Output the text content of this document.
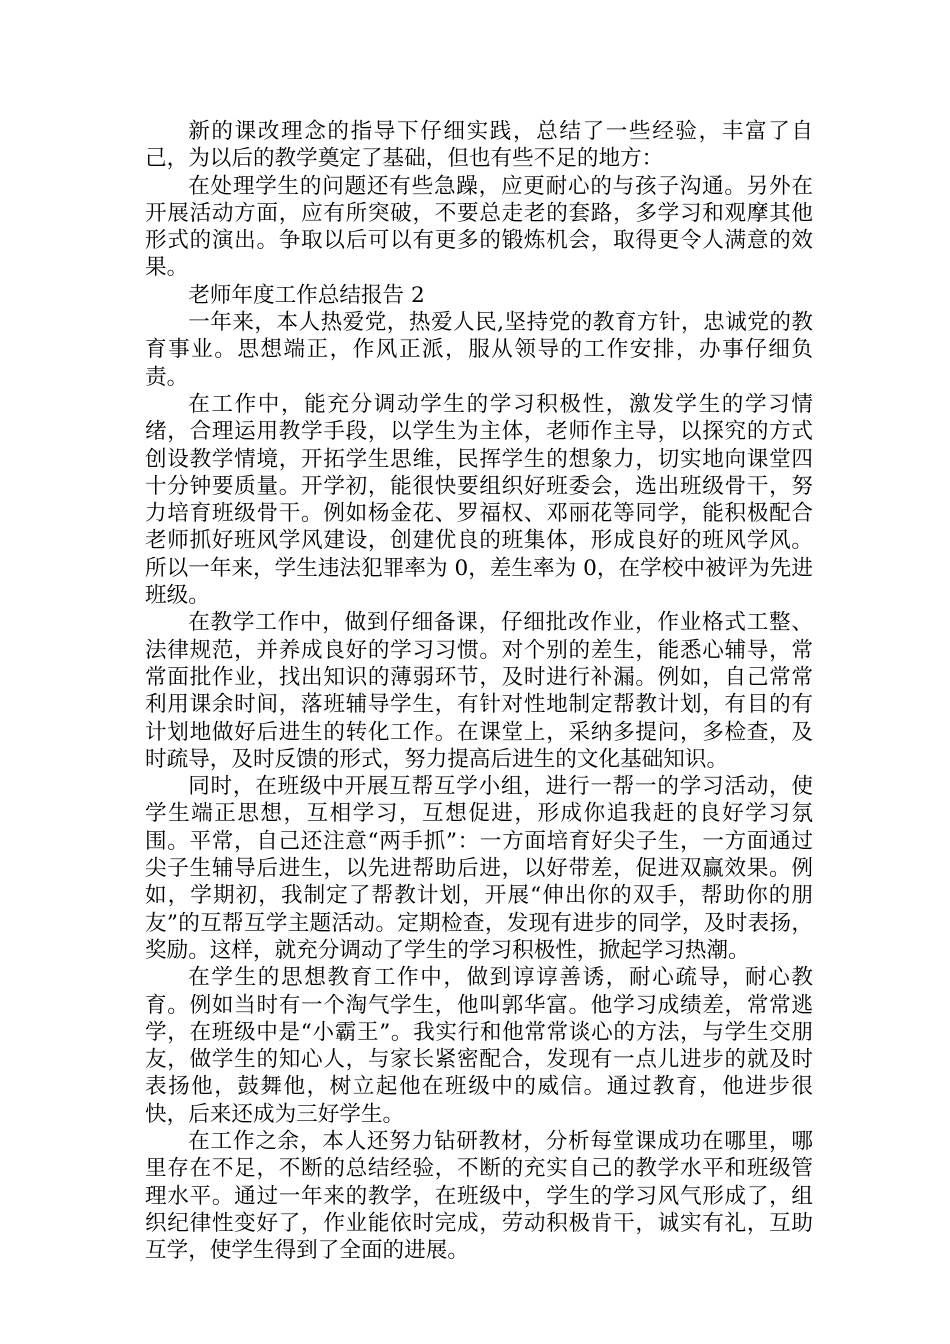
新的课改理念的指导下仔细实践，总结了一些经验，丰富了自己，为以后的教学奠定了基础，但也有些不足的地方：

在处理学生的问题还有些急躁，应更耐心的与孩子沟通。另外在开展活动方面，应有所突破，不要总走老的套路，多学习和观摩其他形式的演出。争取以后可以有更多的锻炼机会，取得更令人满意的效果。

老师年度工作总结报告 2

一年来，本人热爱党，热爱人民,坚持党的教育方针，忠诚党的教育事业。思想端正，作风正派，服从领导的工作安排，办事仔细负责。

在工作中，能充分调动学生的学习积极性，激发学生的学习情绪，合理运用教学手段，以学生为主体，老师作主导，以探究的方式创设教学情境，开拓学生思维，民挥学生的想象力，切实地向课堂四十分钟要质量。开学初，能很快要组织好班委会，选出班级骨干，努力培育班级骨干。例如杨金花、罗福权、邓丽花等同学，能积极配合老师抓好班风学风建设，创建优良的班集体，形成良好的班风学风。所以一年来，学生违法犯罪率为 0，差生率为 0，在学校中被评为先进班级。

在教学工作中，做到仔细备课，仔细批改作业，作业格式工整、法律规范，并养成良好的学习习惯。对个别的差生，能悉心辅导，常常面批作业，找出知识的薄弱环节，及时进行补漏。例如，自己常常利用课余时间，落班辅导学生，有针对性地制定帮教计划，有目的有计划地做好后进生的转化工作。在课堂上，采纳多提问，多检查，及时疏导，及时反馈的形式，努力提高后进生的文化基础知识。

同时，在班级中开展互帮互学小组，进行一帮一的学习活动，使学生端正思想，互相学习，互想促进，形成你追我赶的良好学习氛围。平常，自己还注意“两手抓”：一方面培育好尖子生，一方面通过尖子生辅导后进生，以先进帮助后进，以好带差，促进双赢效果。例如，学期初，我制定了帮教计划，开展“伸出你的双手，帮助你的朋友”的互帮互学主题活动。定期检查，发现有进步的同学，及时表扬，奖励。这样，就充分调动了学生的学习积极性，掀起学习热潮。

在学生的思想教育工作中，做到谆谆善诱，耐心疏导，耐心教育。例如当时有一个淘气学生，他叫郭华富。他学习成绩差，常常逃学，在班级中是“小霸王”。我实行和他常常谈心的方法，与学生交朋友，做学生的知心人，与家长紧密配合，发现有一点儿进步的就及时表扬他，鼓舞他，树立起他在班级中的威信。通过教育，他进步很快，后来还成为三好学生。

在工作之余，本人还努力钻研教材，分析每堂课成功在哪里，哪里存在不足，不断的总结经验，不断的充实自己的教学水平和班级管理水平。通过一年来的教学，在班级中，学生的学习风气形成了，组织纪律性变好了，作业能依时完成，劳动积极肯干，诚实有礼，互助互学，使学生得到了全面的进展。
